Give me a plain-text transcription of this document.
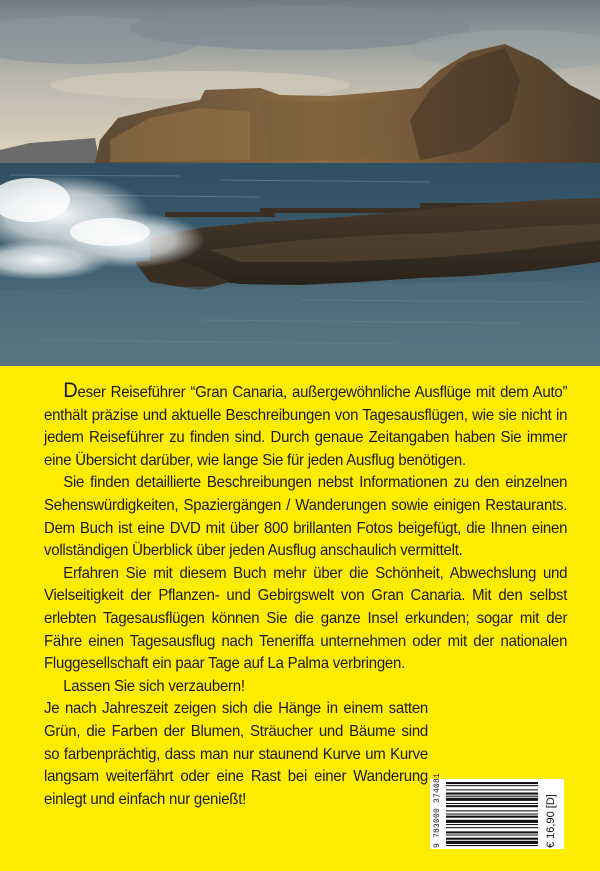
Deser Reiseführer “Gran Canaria, außergewöhnliche Ausflüge mit dem Auto” enthält präzise und aktuelle Beschreibungen von Tagesausflügen, wie sie nicht in jedem Reiseführer zu finden sind. Durch genaue Zeitangaben haben Sie immer eine Übersicht darüber, wie lange Sie für jeden Ausflug benötigen.

Sie finden detaillierte Beschreibungen nebst Informationen zu den einzelnen Sehenswürdigkeiten, Spaziergängen / Wanderungen sowie einigen Restaurants. Dem Buch ist eine DVD mit über 800 brillanten Fotos beigefügt, die Ihnen einen vollständigen Überblick über jeden Ausflug anschaulich vermittelt.

Erfahren Sie mit diesem Buch mehr über die Schönheit, Abwechslung und Vielseitigkeit der Pflanzen- und Gebirgswelt von Gran Canaria. Mit den selbst erlebten Tagesausflügen können Sie die ganze Insel erkunden; sogar mit der Fähre einen Tagesausflug nach Teneriffa unternehmen oder mit der nationalen Fluggesellschaft ein paar Tage auf La Palma verbringen.

Lassen Sie sich verzaubern!

Je nach Jahreszeit zeigen sich die Hänge in einem satten Grün, die Farben der Blumen, Sträucher und Bäume sind so farbenprächtig, dass man nur staunend Kurve um Kurve langsam weiterfährt oder eine Rast bei einer Wanderung einlegt und einfach nur genießt!	9 783000 374081	€ 16,90 [D]
